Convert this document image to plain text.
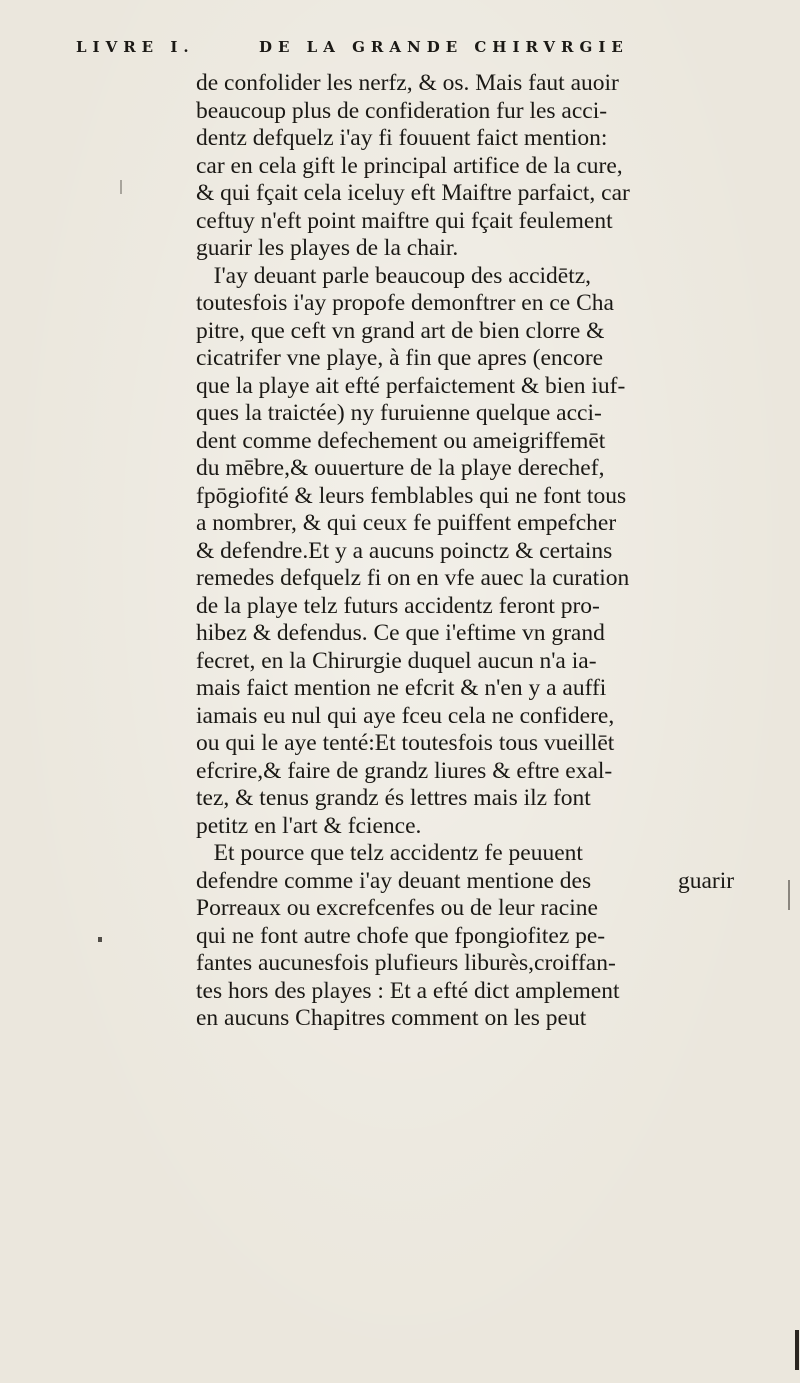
LIVRE I.	DE LA GRANDE CHIRVRGIE
de confolider les nerfz, & os. Mais faut auoir
beaucoup plus de confideration fur les acci-
dentz defquelz i'ay fi fouuent faict mention:
car en cela gift le principal artifice de la cure,
& qui fçait cela iceluy eft Maiftre parfaict, car
ceftuy n'eft point maiftre qui fçait feulement
guarir les playes de la chair.
I'ay deuant parle beaucoup des accidētz,
toutesfois i'ay propofe demonftrer en ce Cha
pitre, que ceft vn grand art de bien clorre &
cicatrifer vne playe, à fin que apres (encore
que la playe ait efté perfaictement & bien iuf-
ques la traictée) ny furuienne quelque acci-
dent comme defechement ou ameigriffemēt
du mēbre,& ouuerture de la playe derechef,
fpōgiofité & leurs femblables qui ne font tous
a nombrer, & qui ceux fe puiffent empefcher
& defendre.Et y a aucuns poinctz & certains
remedes defquelz fi on en vfe auec la curation
de la playe telz futurs accidentz feront pro-
hibez & defendus. Ce que i'eftime vn grand
fecret, en la Chirurgie duquel aucun n'a ia-
mais faict mention ne efcrit & n'en y a auffi
iamais eu nul qui aye fceu cela ne confidere,
ou qui le aye tenté:Et toutesfois tous vueillēt
efcrire,& faire de grandz liures & eftre exal-
tez, & tenus grandz és lettres mais ilz font
petitz en l'art & fcience.
Et pource que telz accidentz fe peuuent
defendre comme i'ay deuant mentione des
Porreaux ou excrefcenfes ou de leur racine
qui ne font autre chofe que fpongiofitez pe-
fantes aucunesfois plufieurs liburès,croiffan-
tes hors des playes : Et a efté dict amplement
en aucuns Chapitres comment on les peut
guarir
